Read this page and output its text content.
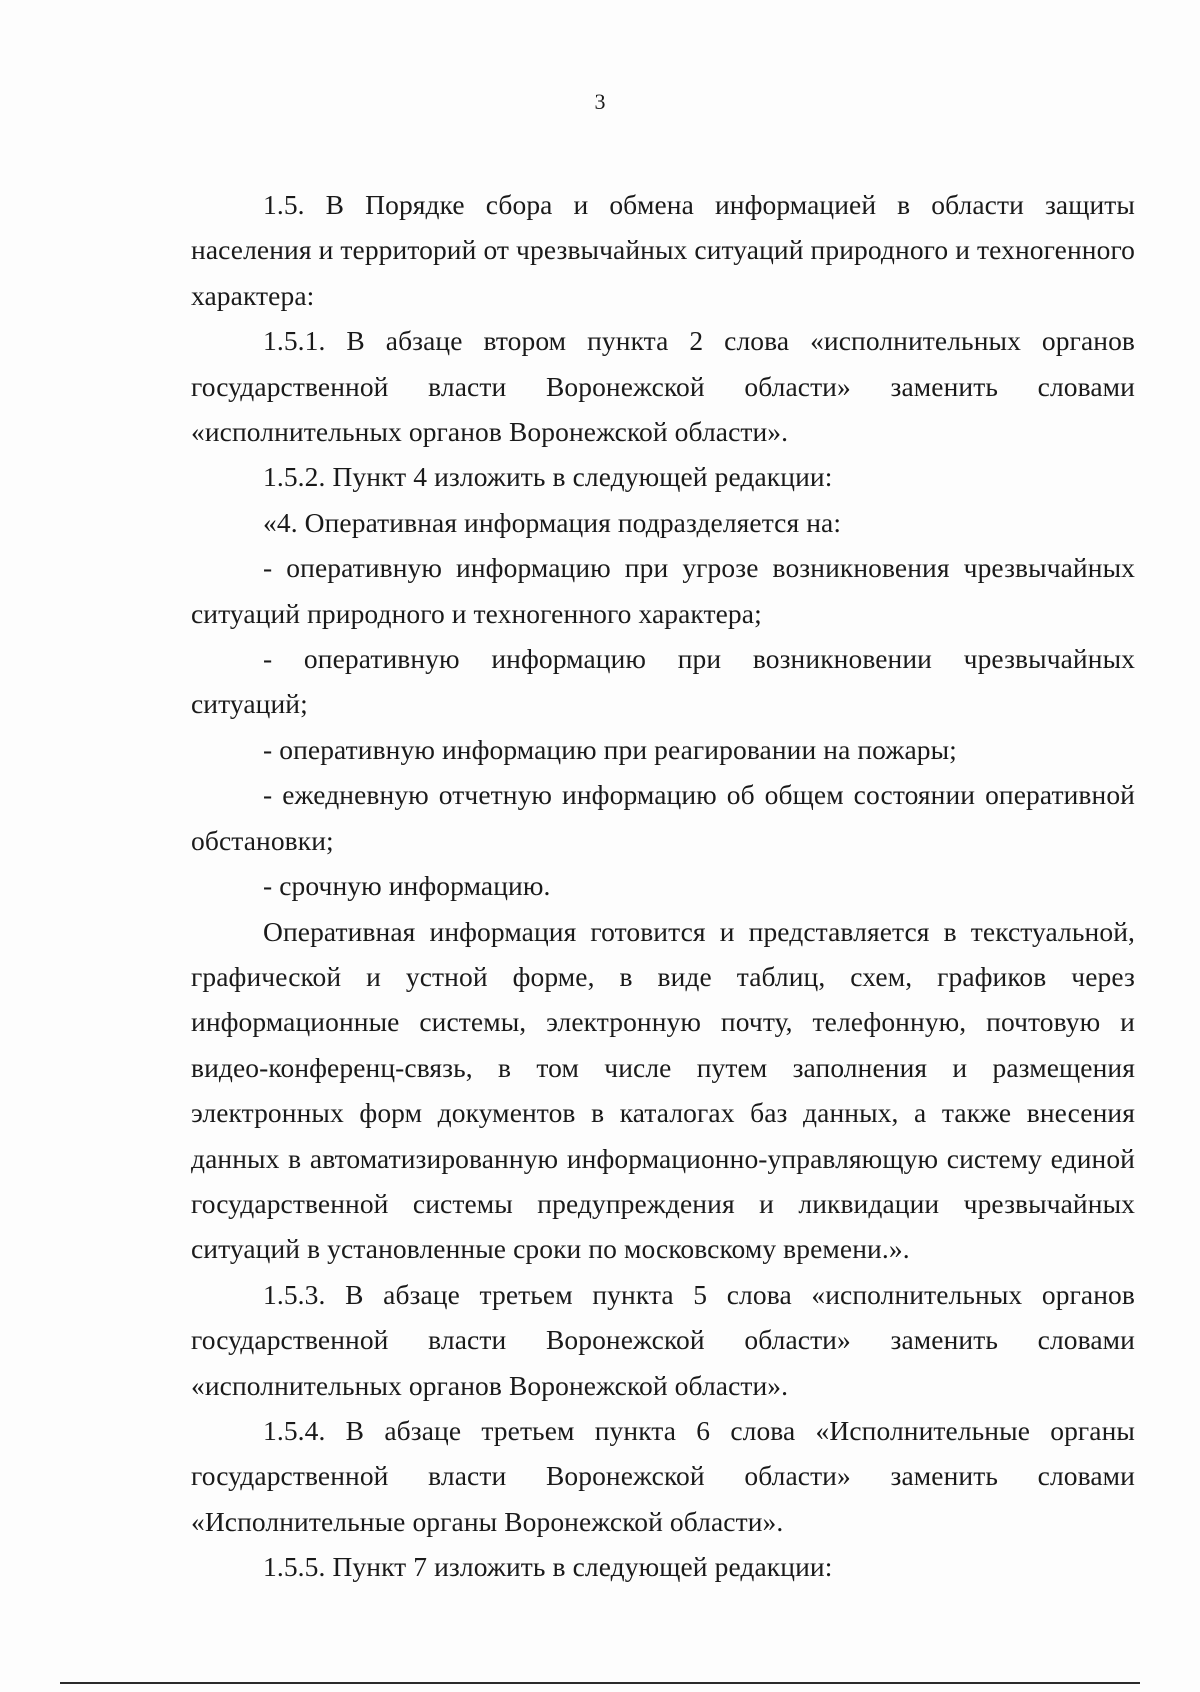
3

1.5. В Порядке сбора и обмена информацией в области защиты населения и территорий от чрезвычайных ситуаций природного и техногенного характера:

1.5.1. В абзаце втором пункта 2 слова «исполнительных органов государственной власти Воронежской области» заменить словами «исполнительных органов Воронежской области».

1.5.2. Пункт 4 изложить в следующей редакции:

«4. Оперативная информация подразделяется на:

- оперативную информацию при угрозе возникновения чрезвычайных ситуаций природного и техногенного характера;

- оперативную информацию при возникновении чрезвычайных ситуаций;

- оперативную информацию при реагировании на пожары;

- ежедневную отчетную информацию об общем состоянии оперативной обстановки;

- срочную информацию.

Оперативная информация готовится и представляется в текстуальной, графической и устной форме, в виде таблиц, схем, графиков через информационные системы, электронную почту, телефонную, почтовую и видео-конференц-связь, в том числе путем заполнения и размещения электронных форм документов в каталогах баз данных, а также внесения данных в автоматизированную информационно-управляющую систему единой государственной системы предупреждения и ликвидации чрезвычайных ситуаций в установленные сроки по московскому времени.».

1.5.3. В абзаце третьем пункта 5 слова «исполнительных органов государственной власти Воронежской области» заменить словами «исполнительных органов Воронежской области».

1.5.4. В абзаце третьем пункта 6 слова «Исполнительные органы государственной власти Воронежской области» заменить словами «Исполнительные органы Воронежской области».

1.5.5. Пункт 7 изложить в следующей редакции:
